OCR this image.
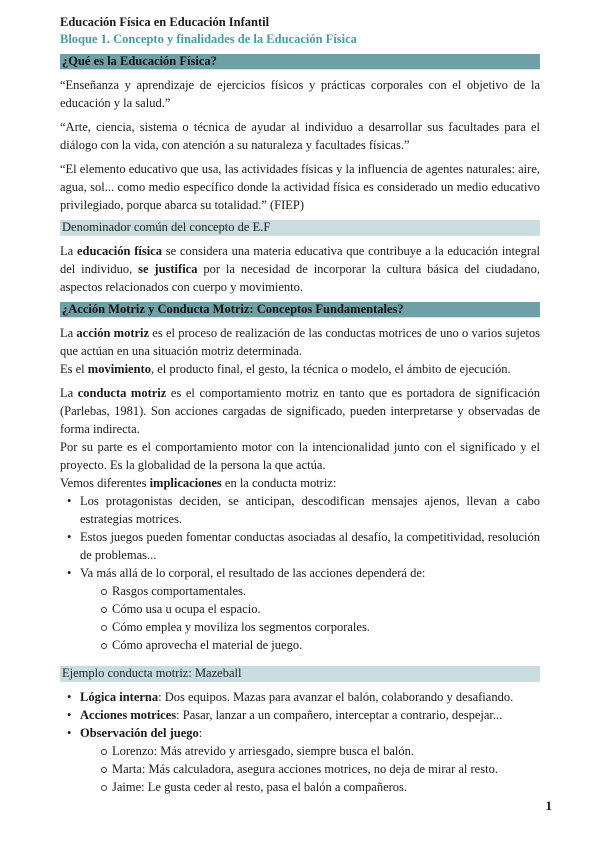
Educación Física en Educación Infantil

Bloque 1. Concepto y finalidades de la Educación Física

¿Qué es la Educación Física?

“Enseñanza y aprendizaje de ejercicios físicos y prácticas corporales con el objetivo de la educación y la salud.”

“Arte, ciencia, sistema o técnica de ayudar al individuo a desarrollar sus facultades para el diálogo con la vida, con atención a su naturaleza y facultades físicas.”

“El elemento educativo que usa, las actividades físicas y la influencia de agentes naturales: aire, agua, sol... como medio específico donde la actividad física es considerado un medio educativo privilegiado, porque abarca su totalidad.” (FIEP)

Denominador común del concepto de E.F

La educación física se considera una materia educativa que contribuye a la educación integral del individuo, se justifica por la necesidad de incorporar la cultura básica del ciudadano, aspectos relacionados con cuerpo y movimiento.

¿Acción Motriz y Conducta Motriz: Conceptos Fundamentales?

La acción motriz es el proceso de realización de las conductas motrices de uno o varios sujetos que actúan en una situación motriz determinada.

Es el movimiento, el producto final, el gesto, la técnica o modelo, el ámbito de ejecución.

La conducta motriz es el comportamiento motriz en tanto que es portadora de significación (Parlebas, 1981). Son acciones cargadas de significado, pueden interpretarse y observadas de forma indirecta.

Por su parte es el comportamiento motor con la intencionalidad junto con el significado y el proyecto. Es la globalidad de la persona la que actúa.

Vemos diferentes implicaciones en la conducta motriz:

• Los protagonistas deciden, se anticipan, descodifican mensajes ajenos, llevan a cabo estrategias motrices.
• Estos juegos pueden fomentar conductas asociadas al desafío, la competitividad, resolución de problemas...
• Va más allá de lo corporal, el resultado de las acciones dependerá de:
Rasgos comportamentales.
Cómo usa u ocupa el espacio.
Cómo emplea y moviliza los segmentos corporales.
Cómo aprovecha el material de juego.
Ejemplo conducta motriz: Mazeball
• Lógica interna: Dos equipos. Mazas para avanzar el balón, colaborando y desafiando.
• Acciones motrices: Pasar, lanzar a un compañero, interceptar a contrario, despejar...
• Observación del juego:
Lorenzo: Más atrevido y arriesgado, siempre busca el balón.
Marta: Más calculadora, asegura acciones motrices, no deja de mirar al resto.
Jaime: Le gusta ceder al resto, pasa el balón a compañeros.
1
